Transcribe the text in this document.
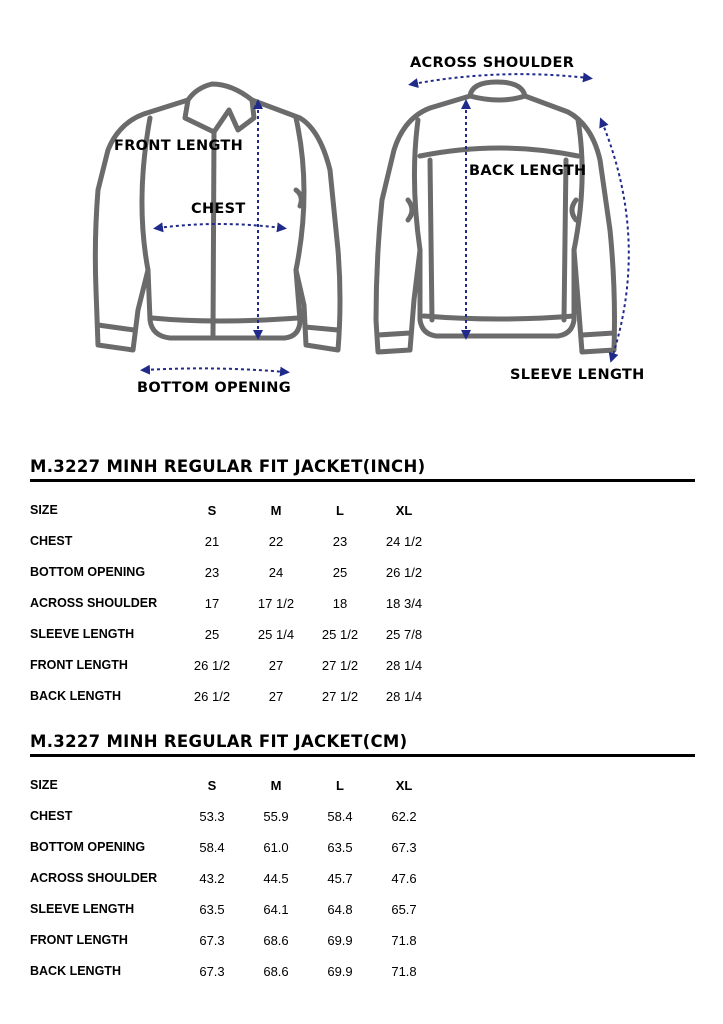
FRONT LENGTH
CHEST
BOTTOM OPENING
ACROSS SHOULDER
BACK LENGTH
SLEEVE LENGTH
M.3227 MINH REGULAR FIT JACKET(INCH)
SIZE	S	M	L	XL
CHEST	21	22	23	24 1/2
BOTTOM OPENING	23	24	25	26 1/2
ACROSS SHOULDER	17	17 1/2	18	18 3/4
SLEEVE LENGTH	25	25 1/4	25 1/2	25 7/8
FRONT LENGTH	26 1/2	27	27 1/2	28 1/4
BACK LENGTH	26 1/2	27	27 1/2	28 1/4
M.3227 MINH REGULAR FIT JACKET(CM)
SIZE	S	M	L	XL
CHEST	53.3	55.9	58.4	62.2
BOTTOM OPENING	58.4	61.0	63.5	67.3
ACROSS SHOULDER	43.2	44.5	45.7	47.6
SLEEVE LENGTH	63.5	64.1	64.8	65.7
FRONT LENGTH	67.3	68.6	69.9	71.8
BACK LENGTH	67.3	68.6	69.9	71.8
